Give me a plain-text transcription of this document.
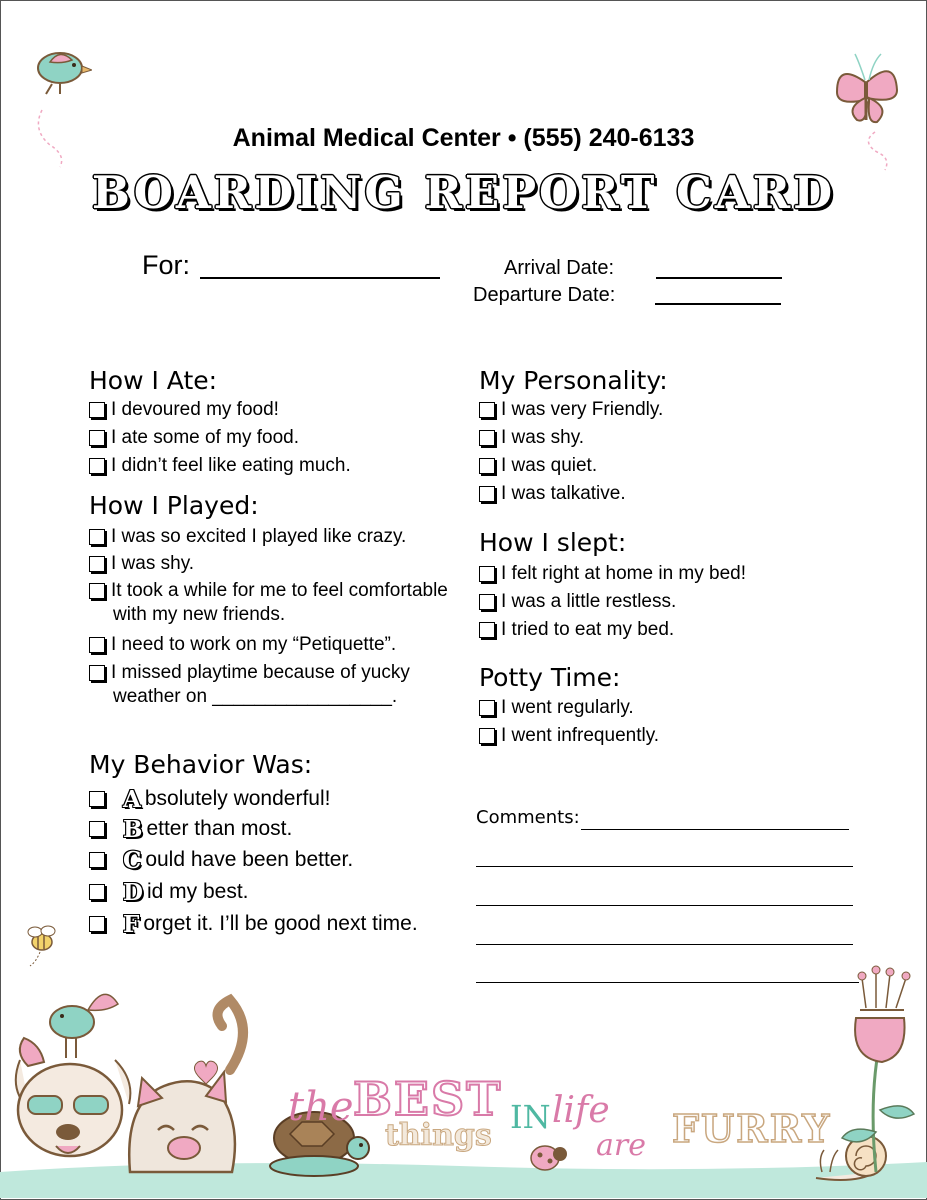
Animal Medical Center • (555) 240-6133
BOARDING REPORT CARD
For:	Arrival Date:
Departure Date:
How I Ate:
I devoured my food!
I ate some of my food.
I didn’t feel like eating much.
How I Played:
I was so excited I played like crazy.
I was shy.
It took a while for me to feel comfortable
with my new friends.
I need to work on my “Petiquette”.
I missed playtime because of yucky
weather on _________________.
My Behavior Was:
A bsolutely wonderful!
B etter than most.
C ould have been better.
D id my best.
F orget it. I’ll be good next time.
My Personality:
I was very Friendly.
I was shy.
I was quiet.
I was talkative.
How I slept:
I felt right at home in my bed!
I was a little restless.
I tried to eat my bed.
Potty Time:
I went regularly.
I went infrequently.
Comments:
the BEST
things IN life
are FURRY
